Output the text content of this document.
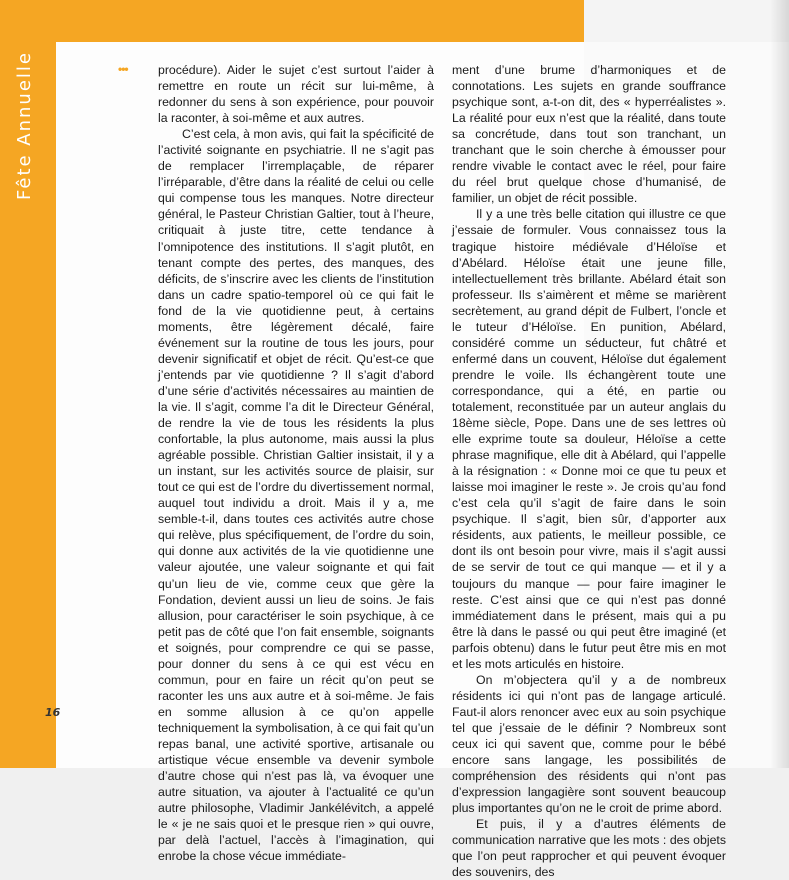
Fête Annuelle
16
••• procédure). Aider le sujet c’est surtout l’aider à remettre en route un récit sur lui-même, à redonner du sens à son expérience, pour pouvoir la raconter, à soi-même et aux autres.

C’est cela, à mon avis, qui fait la spécificité de l’activité soignante en psychiatrie. Il ne s’agit pas de remplacer l’irremplaçable, de réparer l’irréparable, d’être dans la réalité de celui ou celle qui compense tous les manques. Notre directeur général, le Pasteur Christian Galtier, tout à l’heure, critiquait à juste titre, cette tendance à l’omnipotence des institutions. Il s’agit plutôt, en tenant compte des pertes, des manques, des déficits, de s’inscrire avec les clients de l’institution dans un cadre spatio-temporel où ce qui fait le fond de la vie quotidienne peut, à certains moments, être légèrement décalé, faire événement sur la routine de tous les jours, pour devenir significatif et objet de récit. Qu’est-ce que j’entends par vie quotidienne ? Il s’agit d’abord d’une série d’activités nécessaires au maintien de la vie. Il s’agit, comme l’a dit le Directeur Général, de rendre la vie de tous les résidents la plus confortable, la plus autonome, mais aussi la plus agréable possible. Christian Galtier insistait, il y a un instant, sur les activités source de plaisir, sur tout ce qui est de l’ordre du divertissement normal, auquel tout individu a droit. Mais il y a, me semble-t-il, dans toutes ces activités autre chose qui relève, plus spécifiquement, de l’ordre du soin, qui donne aux activités de la vie quotidienne une valeur ajoutée, une valeur soignante et qui fait qu’un lieu de vie, comme ceux que gère la Fondation, devient aussi un lieu de soins. Je fais allusion, pour caractériser le soin psychique, à ce petit pas de côté que l’on fait ensemble, soignants et soignés, pour comprendre ce qui se passe, pour donner du sens à ce qui est vécu en commun, pour en faire un récit qu’on peut se raconter les uns aux autre et à soi-même. Je fais en somme allusion à ce qu’on appelle techniquement la symbolisation, à ce qui fait qu’un repas banal, une activité sportive, artisanale ou artistique vécue ensemble va devenir symbole d’autre chose qui n’est pas là, va évoquer une autre situation, va ajouter à l’actualité ce qu’un autre philosophe, Vladimir Jankélévitch, a appelé le « je ne sais quoi et le presque rien » qui ouvre, par delà l’actuel, l’accès à l’imagination, qui enrobe la chose vécue immédiate-

ment d’une brume d’harmoniques et de connotations. Les sujets en grande souffrance psychique sont, a-t-on dit, des « hyperréalistes ». La réalité pour eux n’est que la réalité, dans toute sa concrétude, dans tout son tranchant, un tranchant que le soin cherche à émousser pour rendre vivable le contact avec le réel, pour faire du réel brut quelque chose d’humanisé, de familier, un objet de récit possible.

Il y a une très belle citation qui illustre ce que j’essaie de formuler. Vous connaissez tous la tragique histoire médiévale d’Héloïse et d’Abélard. Héloïse était une jeune fille, intellectuellement très brillante. Abélard était son professeur. Ils s’aimèrent et même se marièrent secrètement, au grand dépit de Fulbert, l’oncle et le tuteur d’Héloïse. En punition, Abélard, considéré comme un séducteur, fut châtré et enfermé dans un couvent, Héloïse dut également prendre le voile. Ils échangèrent toute une correspondance, qui a été, en partie ou totalement, reconstituée par un auteur anglais du 18ème siècle, Pope. Dans une de ses lettres où elle exprime toute sa douleur, Héloïse a cette phrase magnifique, elle dit à Abélard, qui l’appelle à la résignation : « Donne moi ce que tu peux et laisse moi imaginer le reste ». Je crois qu’au fond c’est cela qu’il s’agit de faire dans le soin psychique. Il s’agit, bien sûr, d’apporter aux résidents, aux patients, le meilleur possible, ce dont ils ont besoin pour vivre, mais il s’agit aussi de se servir de tout ce qui manque — et il y a toujours du manque — pour faire imaginer le reste. C’est ainsi que ce qui n’est pas donné immédiatement dans le présent, mais qui a pu être là dans le passé ou qui peut être imaginé (et parfois obtenu) dans le futur peut être mis en mot et les mots articulés en histoire.

On m’objectera qu’il y a de nombreux résidents ici qui n’ont pas de langage articulé. Faut-il alors renoncer avec eux au soin psychique tel que j’essaie de le définir ? Nombreux sont ceux ici qui savent que, comme pour le bébé encore sans langage, les possibilités de compréhension des résidents qui n’ont pas d’expression langagière sont souvent beaucoup plus importantes qu’on ne le croit de prime abord.

Et puis, il y a d’autres éléments de communication narrative que les mots : des objets que l’on peut rapprocher et qui peuvent évoquer des souvenirs, des
